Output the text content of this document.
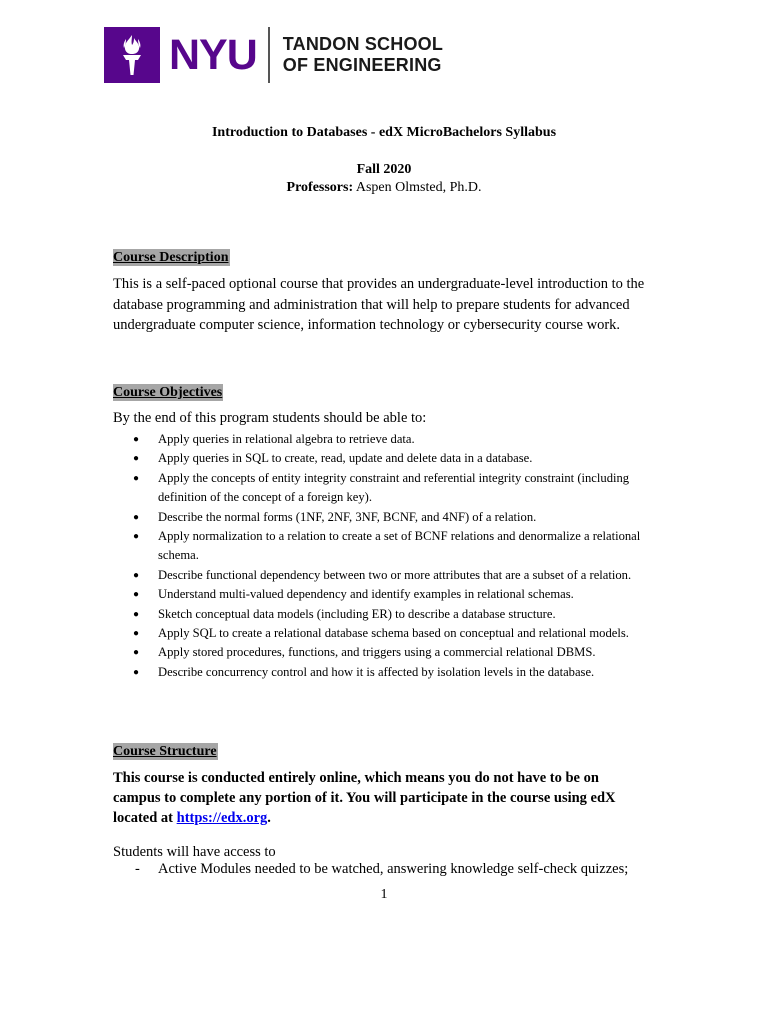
NYU TANDON SCHOOL
OF ENGINEERING
Introduction to Databases - edX MicroBachelors Syllabus
Fall 2020
Professors: Aspen Olmsted, Ph.D.
Course Description
This is a self-paced optional course that provides an undergraduate-level introduction to the database programming and administration that will help to prepare students for advanced undergraduate computer science, information technology or cybersecurity course work.
Course Objectives
By the end of this program students should be able to:
● Apply queries in relational algebra to retrieve data.
● Apply queries in SQL to create, read, update and delete data in a database.
● Apply the concepts of entity integrity constraint and referential integrity constraint (including definition of the concept of a foreign key).
● Describe the normal forms (1NF, 2NF, 3NF, BCNF, and 4NF) of a relation.
● Apply normalization to a relation to create a set of BCNF relations and denormalize a relational schema.
● Describe functional dependency between two or more attributes that are a subset of a relation.
● Understand multi-valued dependency and identify examples in relational schemas.
● Sketch conceptual data models (including ER) to describe a database structure.
● Apply SQL to create a relational database schema based on conceptual and relational models.
● Apply stored procedures, functions, and triggers using a commercial relational DBMS.
● Describe concurrency control and how it is affected by isolation levels in the database.
Course Structure
This course is conducted entirely online, which means you do not have to be on campus to complete any portion of it. You will participate in the course using edX located at https://edx.org.
Students will have access to
- Active Modules needed to be watched, answering knowledge self-check quizzes;
1
